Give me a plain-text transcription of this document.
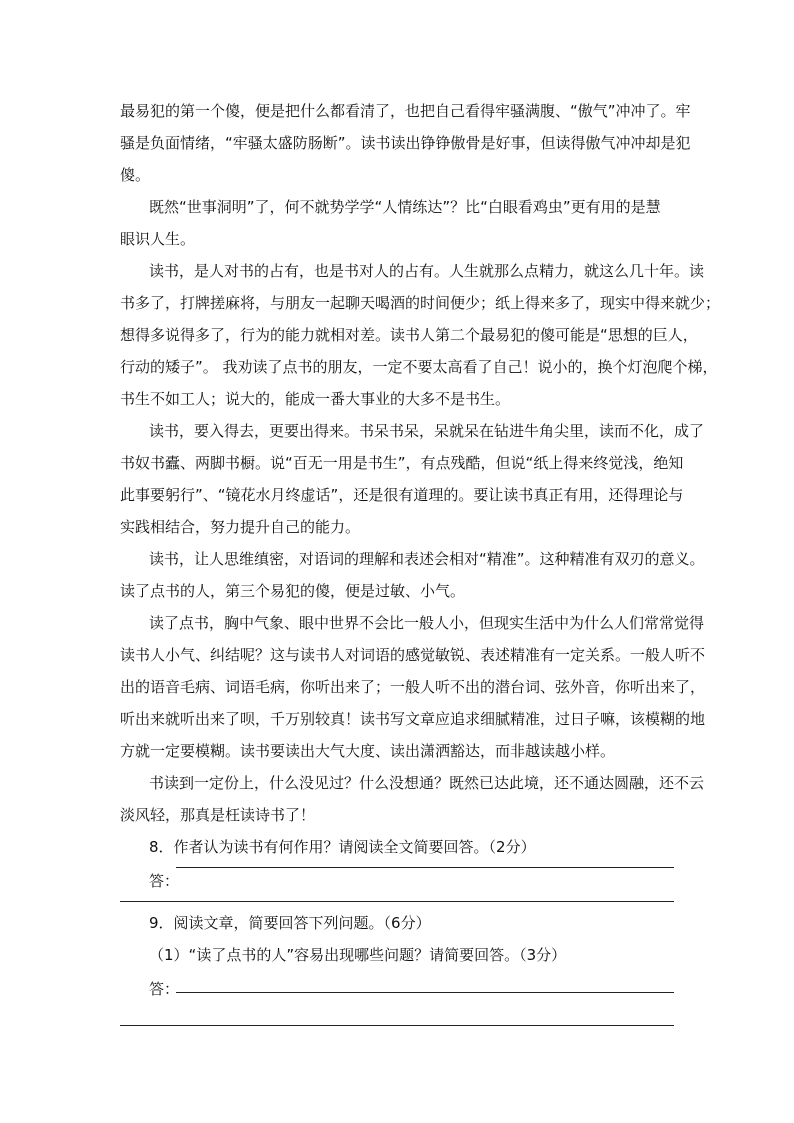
最易犯的第一个傻，便是把什么都看清了，也把自己看得牢骚满腹、“傲气”冲冲了。牢
骚是负面情绪，“牢骚太盛防肠断”。读书读出铮铮傲骨是好事，但读得傲气冲冲却是犯
傻。
既然“世事洞明”了，何不就势学学“人情练达”？比“白眼看鸡虫”更有用的是慧
眼识人生。
读书，是人对书的占有，也是书对人的占有。人生就那么点精力，就这么几十年。读
书多了，打牌搓麻将，与朋友一起聊天喝酒的时间便少；纸上得来多了，现实中得来就少；
想得多说得多了，行为的能力就相对差。读书人第二个最易犯的傻可能是“思想的巨人，
行动的矮子”。 我劝读了点书的朋友，一定不要太高看了自己！说小的，换个灯泡爬个梯，
书生不如工人；说大的，能成一番大事业的大多不是书生。
读书，要入得去，更要出得来。书呆书呆，呆就呆在钻进牛角尖里，读而不化，成了
书奴书蠹、两脚书橱。说“百无一用是书生”，有点残酷，但说“纸上得来终觉浅，绝知
此事要躬行”、“镜花水月终虚话”，还是很有道理的。要让读书真正有用，还得理论与
实践相结合，努力提升自己的能力。
读书，让人思维缜密，对语词的理解和表述会相对“精准”。这种精准有双刃的意义。
读了点书的人，第三个易犯的傻，便是过敏、小气。
读了点书，胸中气象、眼中世界不会比一般人小，但现实生活中为什么人们常常觉得
读书人小气、纠结呢？这与读书人对词语的感觉敏锐、表述精准有一定关系。一般人听不
出的语音毛病、词语毛病，你听出来了；一般人听不出的潜台词、弦外音，你听出来了，
听出来就听出来了呗，千万别较真！读书写文章应追求细腻精准，过日子嘛，该模糊的地
方就一定要模糊。读书要读出大气大度、读出潇洒豁达，而非越读越小样。
书读到一定份上，什么没见过？什么没想通？既然已达此境，还不通达圆融，还不云
淡风轻，那真是枉读诗书了！
8．作者认为读书有何作用？请阅读全文简要回答。（2分）
答：
9．阅读文章，简要回答下列问题。（6分）
（1）“读了点书的人”容易出现哪些问题？请简要回答。（3分）
答：
